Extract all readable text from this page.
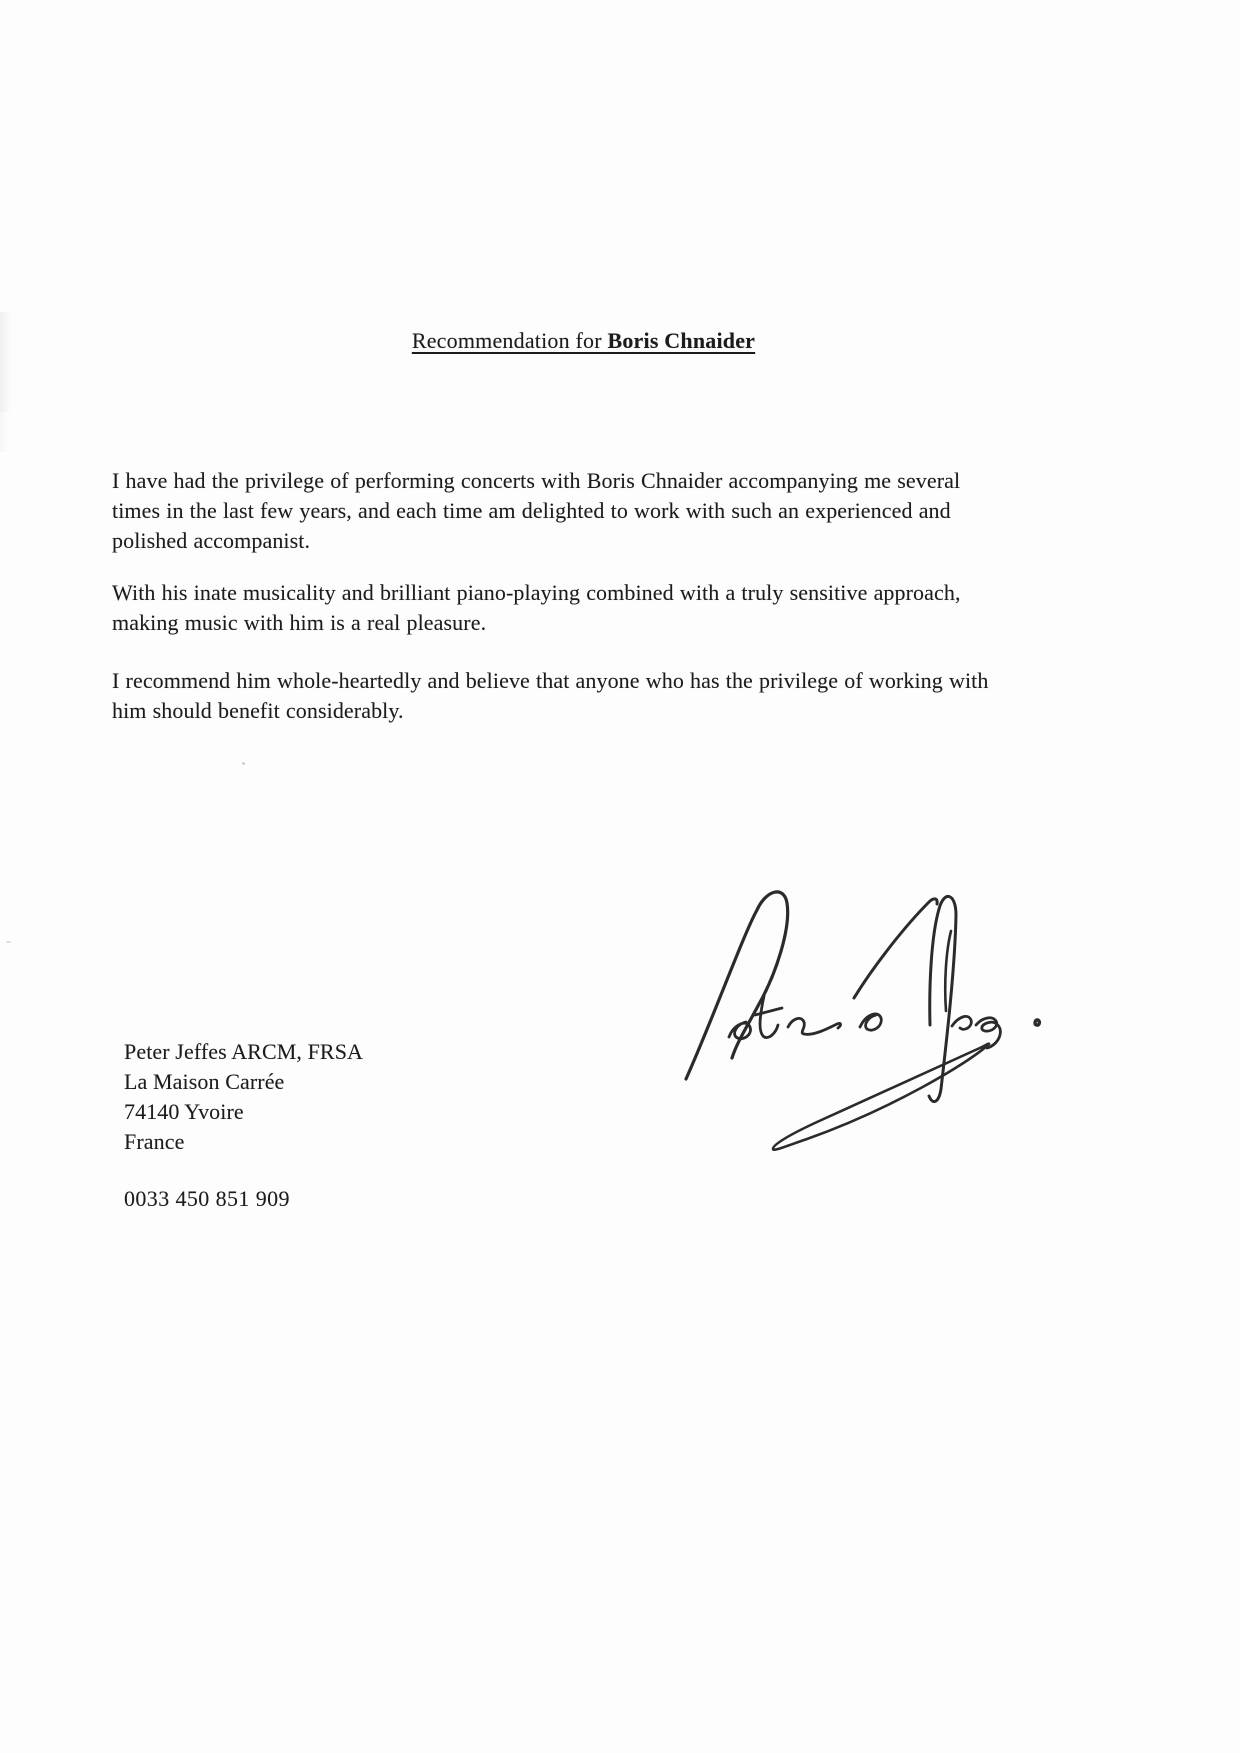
Recommendation for Boris Chnaider
I have had the privilege of performing concerts with Boris Chnaider accompanying me several
times in the last few years, and each time am delighted to work with such an experienced and
polished accompanist.
With his inate musicality and brilliant piano-playing combined with a truly sensitive approach,
making music with him is a real pleasure.
I recommend him whole-heartedly and believe that anyone who has the privilege of working with
him should benefit considerably.
Peter Jeffes ARCM, FRSA
La Maison Carrée
74140 Yvoire
France
0033 450 851 909
